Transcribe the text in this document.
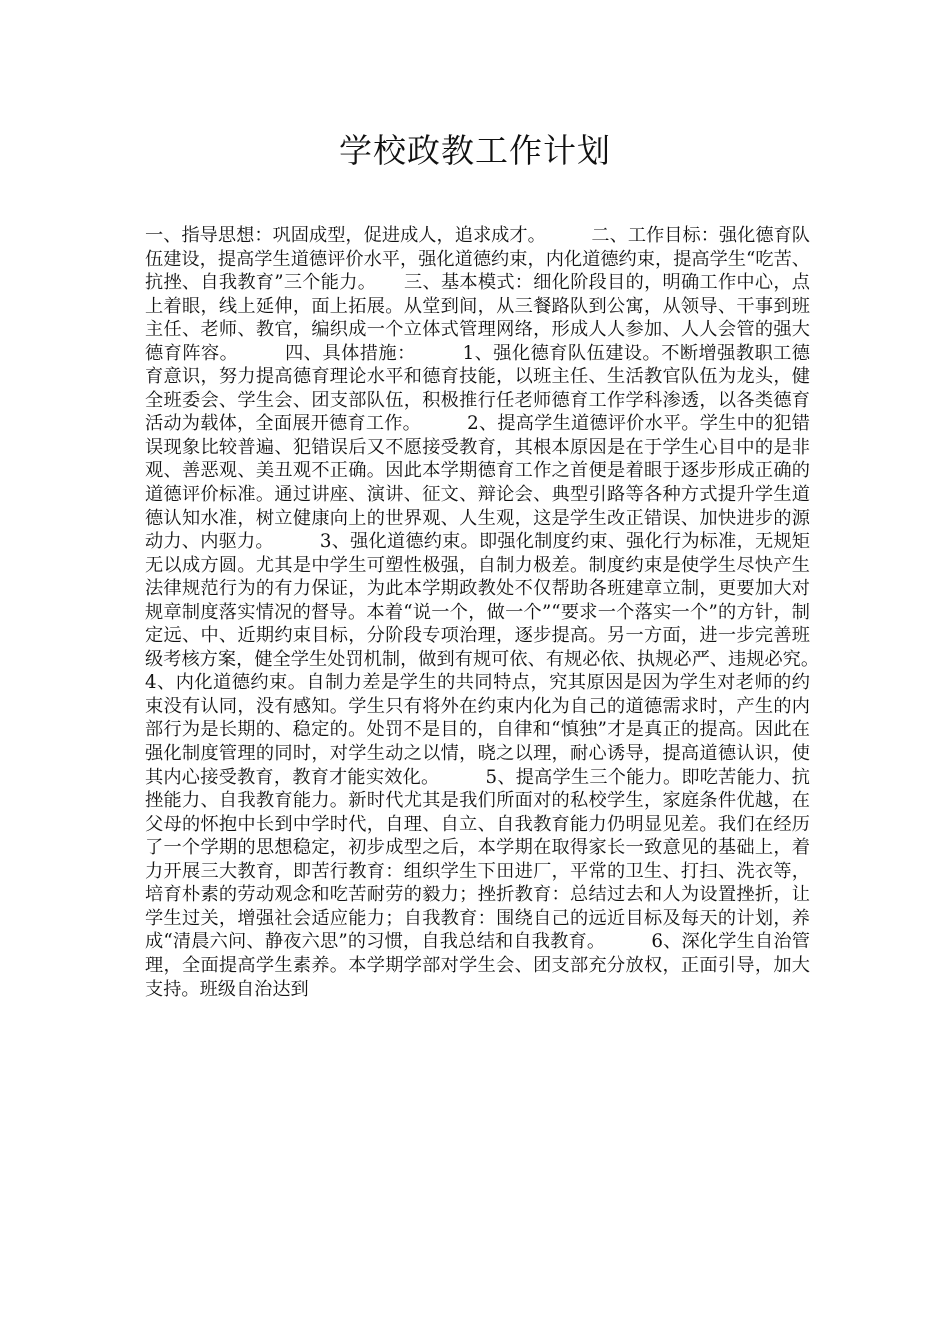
学校政教工作计划

一、指导思想：巩固成型，促进成人，追求成才。　　　二、工作目标：强化德育队伍建设，提高学生道德评价水平，强化道德约束，内化道德约束，提高学生“吃苦、抗挫、自我教育”三个能力。　　三、基本模式：细化阶段目的，明确工作中心，点上着眼，线上延伸，面上拓展。从堂到间，从三餐路队到公寓，从领导、干事到班主任、老师、教官，编织成一个立体式管理网络，形成人人参加、人人会管的强大德育阵容。　　　四、具体措施：　　　1、强化德育队伍建设。不断增强教职工德育意识，努力提高德育理论水平和德育技能，以班主任、生活教官队伍为龙头，健全班委会、学生会、团支部队伍，积极推行任老师德育工作学科渗透，以各类德育活动为载体，全面展开德育工作。　　　2、提高学生道德评价水平。学生中的犯错误现象比较普遍、犯错误后又不愿接受教育，其根本原因是在于学生心目中的是非观、善恶观、美丑观不正确。因此本学期德育工作之首便是着眼于逐步形成正确的道德评价标准。通过讲座、演讲、征文、辩论会、典型引路等各种方式提升学生道德认知水准，树立健康向上的世界观、人生观，这是学生改正错误、加快进步的源动力、内驱力。　　　3、强化道德约束。即强化制度约束、强化行为标准，无规矩无以成方圆。尤其是中学生可塑性极强，自制力极差。制度约束是使学生尽快产生法律规范行为的有力保证，为此本学期政教处不仅帮助各班建章立制，更要加大对规章制度落实情况的督导。本着“说一个，做一个”“要求一个落实一个”的方针，制定远、中、近期约束目标，分阶段专项治理，逐步提高。另一方面，进一步完善班级考核方案，健全学生处罚机制，做到有规可依、有规必依、执规必严、违规必究。　　　4、内化道德约束。自制力差是学生的共同特点，究其原因是因为学生对老师的约束没有认同，没有感知。学生只有将外在约束内化为自己的道德需求时，产生的内部行为是长期的、稳定的。处罚不是目的，自律和“慎独”才是真正的提高。因此在强化制度管理的同时，对学生动之以情，晓之以理，耐心诱导，提高道德认识，使其内心接受教育，教育才能实效化。　　　5、提高学生三个能力。即吃苦能力、抗挫能力、自我教育能力。新时代尤其是我们所面对的私校学生，家庭条件优越，在父母的怀抱中长到中学时代，自理、自立、自我教育能力仍明显见差。我们在经历了一个学期的思想稳定，初步成型之后，本学期在取得家长一致意见的基础上，着力开展三大教育，即苦行教育：组织学生下田进厂，平常的卫生、打扫、洗衣等，培育朴素的劳动观念和吃苦耐劳的毅力；挫折教育：总结过去和人为设置挫折，让学生过关，增强社会适应能力；自我教育：围绕自己的远近目标及每天的计划，养成“清晨六问、静夜六思”的习惯，自我总结和自我教育。　　　6、深化学生自治管理，全面提高学生素养。本学期学部对学生会、团支部充分放权，正面引导，加大支持。班级自治达到
